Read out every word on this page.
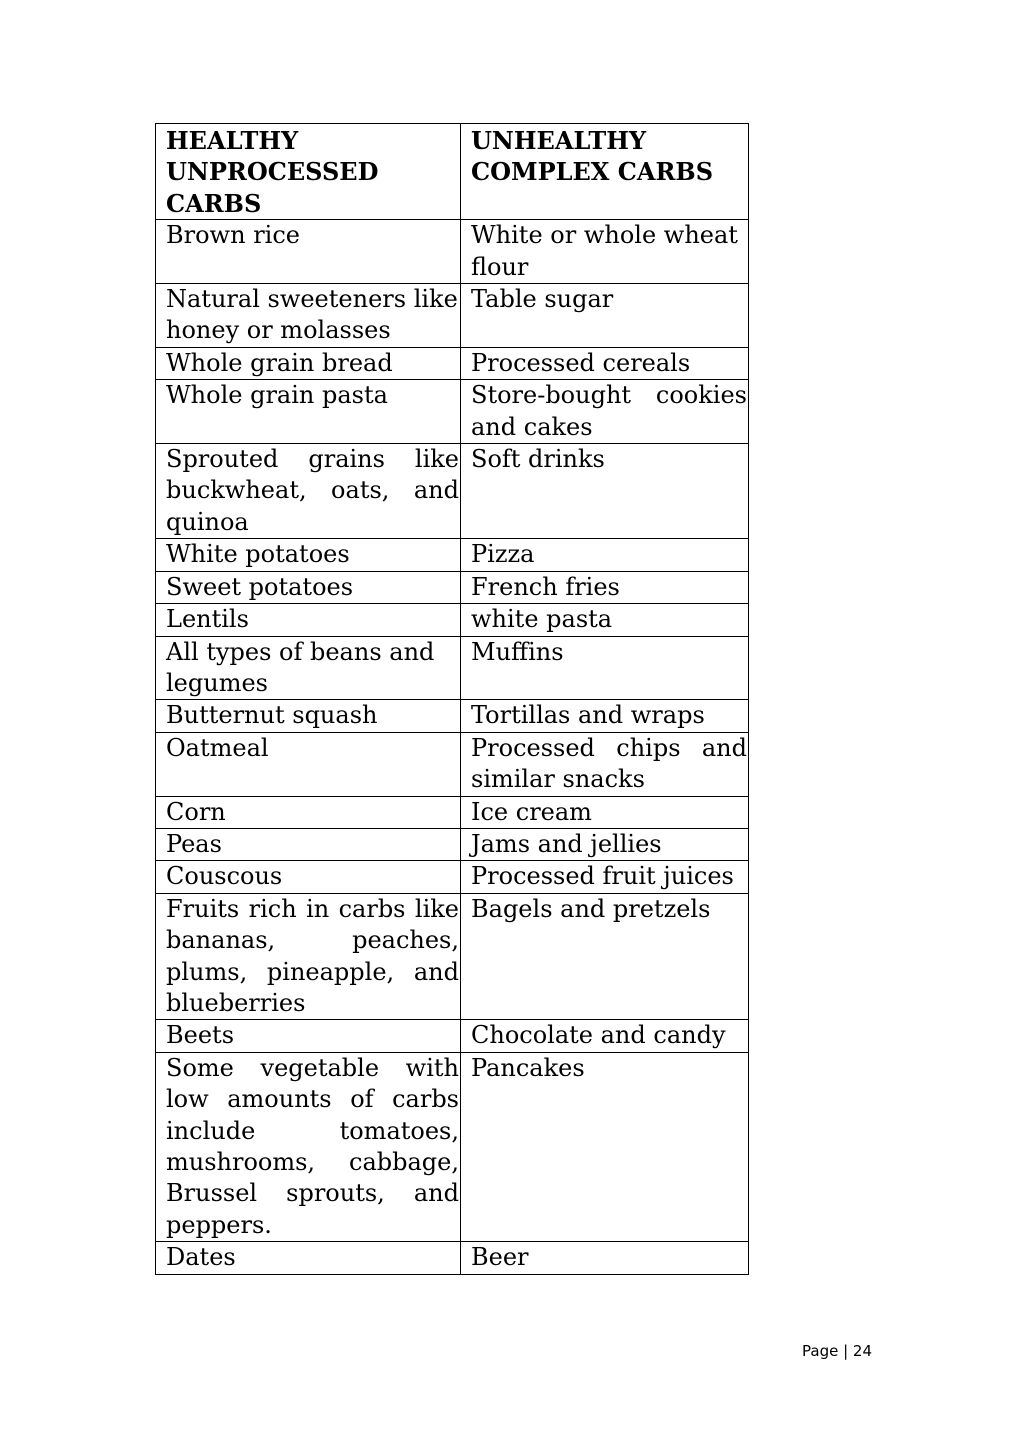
HEALTHY UNPROCESSED CARBS	UNHEALTHY COMPLEX CARBS
Brown rice	White or whole wheat flour
Natural sweeteners like honey or molasses	Table sugar
Whole grain bread	Processed cereals
Whole grain pasta	Store-bought cookies and cakes
Sprouted grains like buckwheat, oats, and quinoa	Soft drinks
White potatoes	Pizza
Sweet potatoes	French fries
Lentils	white pasta
All types of beans and legumes	Muffins
Butternut squash	Tortillas and wraps
Oatmeal	Processed chips and similar snacks
Corn	Ice cream
Peas	Jams and jellies
Couscous	Processed fruit juices
Fruits rich in carbs like bananas, peaches, plums, pineapple, and blueberries	Bagels and pretzels
Beets	Chocolate and candy
Some vegetable with low amounts of carbs include tomatoes, mushrooms, cabbage, Brussel sprouts, and peppers.	Pancakes
Dates	Beer
Page | 24
